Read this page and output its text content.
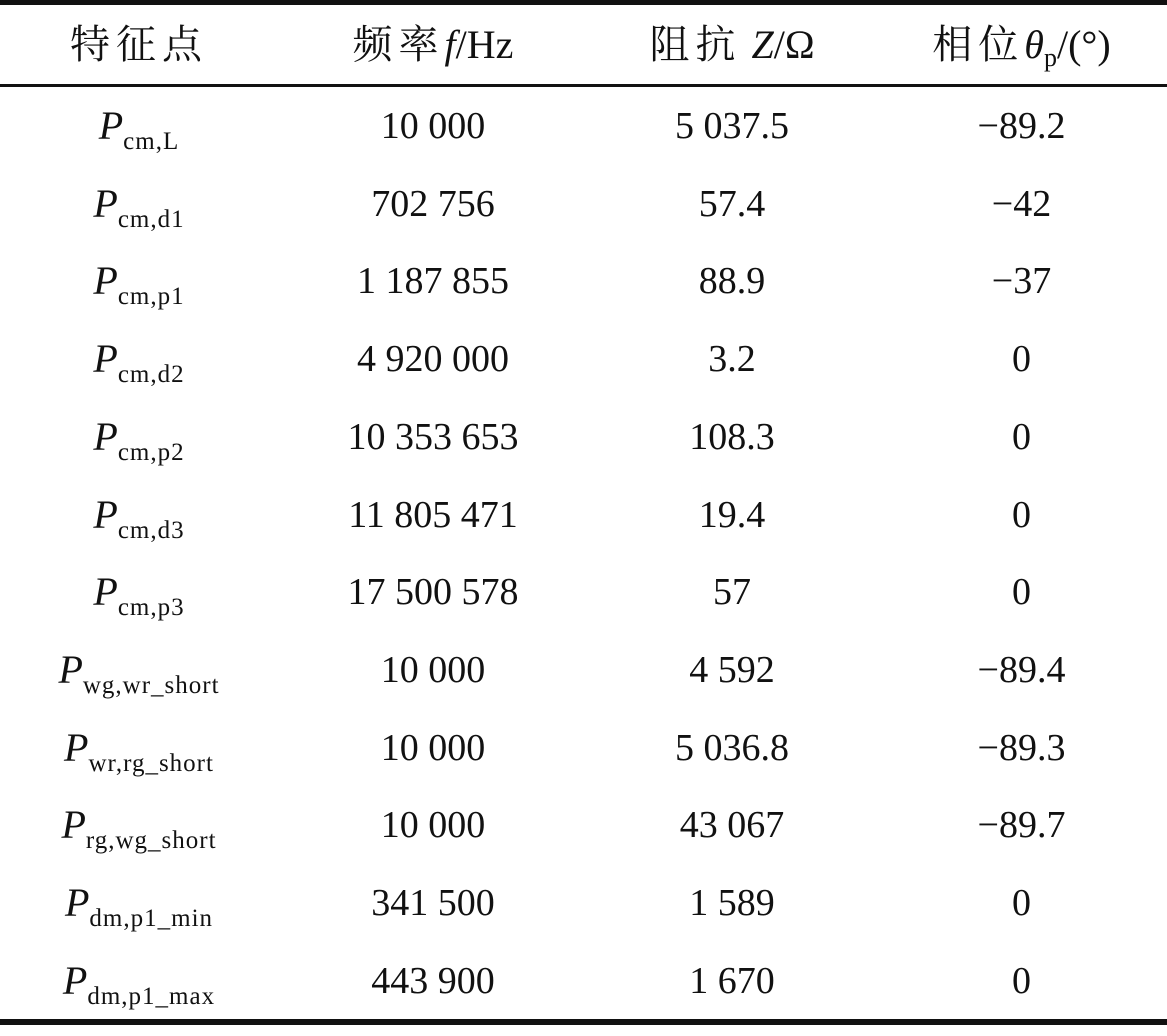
特征点	频率f/Hz	阻抗 Z/Ω	相位$\theta_p/(^\circ)$
$P_{cm,L}$	10 000	5 037.5	−89.2
$P_{cm,d1}$	702 756	57.4	−42
$P_{cm,p1}$	1 187 855	88.9	−37
$P_{cm,d2}$	4 920 000	3.2	0
$P_{cm,p2}$	10 353 653	108.3	0
$P_{cm,d3}$	11 805 471	19.4	0
$P_{cm,p3}$	17 500 578	57	0
$P_{wg,wr\_short}$	10 000	4 592	−89.4
$P_{wr,rg\_short}$	10 000	5 036.8	−89.3
$P_{rg,wg\_short}$	10 000	43 067	−89.7
$P_{dm,p1\_min}$	341 500	1 589	0
$P_{dm,p1\_max}$	443 900	1 670	0
